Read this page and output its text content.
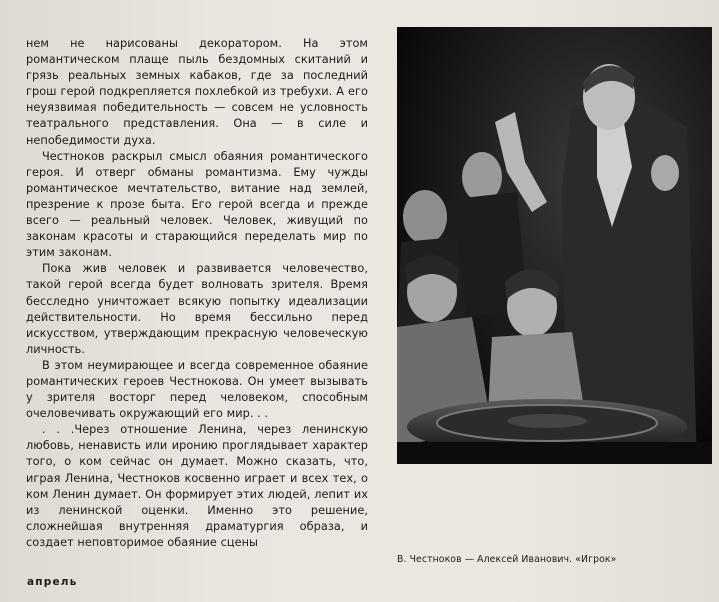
нем не нарисованы декоратором. На этом романтическом плаще пыль бездомных скитаний и грязь реальных земных кабаков, где за последний грош герой подкрепляется похлебкой из требухи. А его неуязвимая победительность — совсем не условность театрального представления. Она — в силе и непобедимости духа.

Честноков раскрыл смысл обаяния романтического героя. И отверг обманы романтизма. Ему чужды романтическое мечтательство, витание над землей, презрение к прозе быта. Его герой всегда и прежде всего — реальный человек. Человек, живущий по законам красоты и старающийся переделать мир по этим законам.

Пока жив человек и развивается человечество, такой герой всегда будет волновать зрителя. Время бесследно уничтожает всякую попытку идеализации действительности. Но время бессильно перед искусством, утверждающим прекрасную человеческую личность.

В этом неумирающее и всегда современное обаяние романтических героев Честнокова. Он умеет вызывать у зрителя восторг перед человеком, способным очеловечивать окружающий его мир. . .

. . .Через отношение Ленина, через ленинскую любовь, ненависть или иронию проглядывает характер того, о ком сейчас он думает. Можно сказать, что, играя Ленина, Честноков косвенно играет и всех тех, о ком Ленин думает. Он формирует этих людей, лепит их из ленинской оценки. Именно это решение, сложнейшая внутренняя драматургия образа, и создает неповторимое обаяние сцены

В. Честноков — Алексей Иванович. «Игрок»
апрель
